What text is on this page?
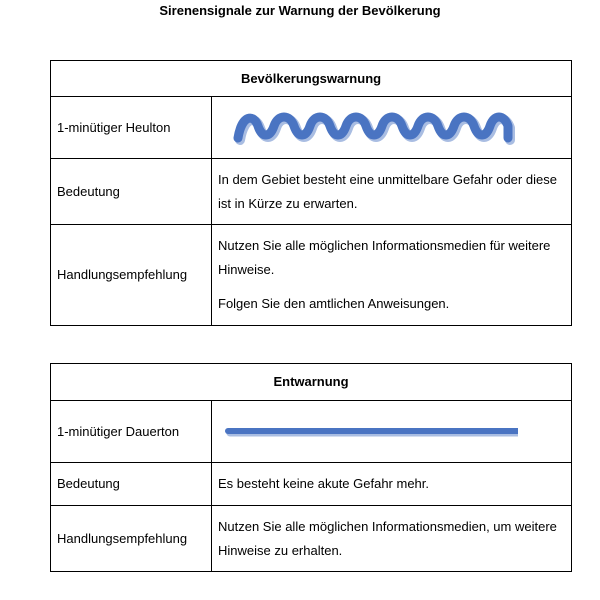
Sirenensignale zur Warnung der Bevölkerung
Bevölkerungswarnung	
1-minütiger Heulton	

Bedeutung	In dem Gebiet besteht eine unmittelbare Gefahr oder diese ist in Kürze zu erwarten.
Handlungsempfehlung	Nutzen Sie alle möglichen Informationsmedien für weitere Hinweise.

Folgen Sie den amtlichen Anweisungen.

Entwarnung	
1-minütiger Dauerton	

Bedeutung	Es besteht keine akute Gefahr mehr.
Handlungsempfehlung	Nutzen Sie alle möglichen Informationsmedien, um weitere Hinweise zu erhalten.
